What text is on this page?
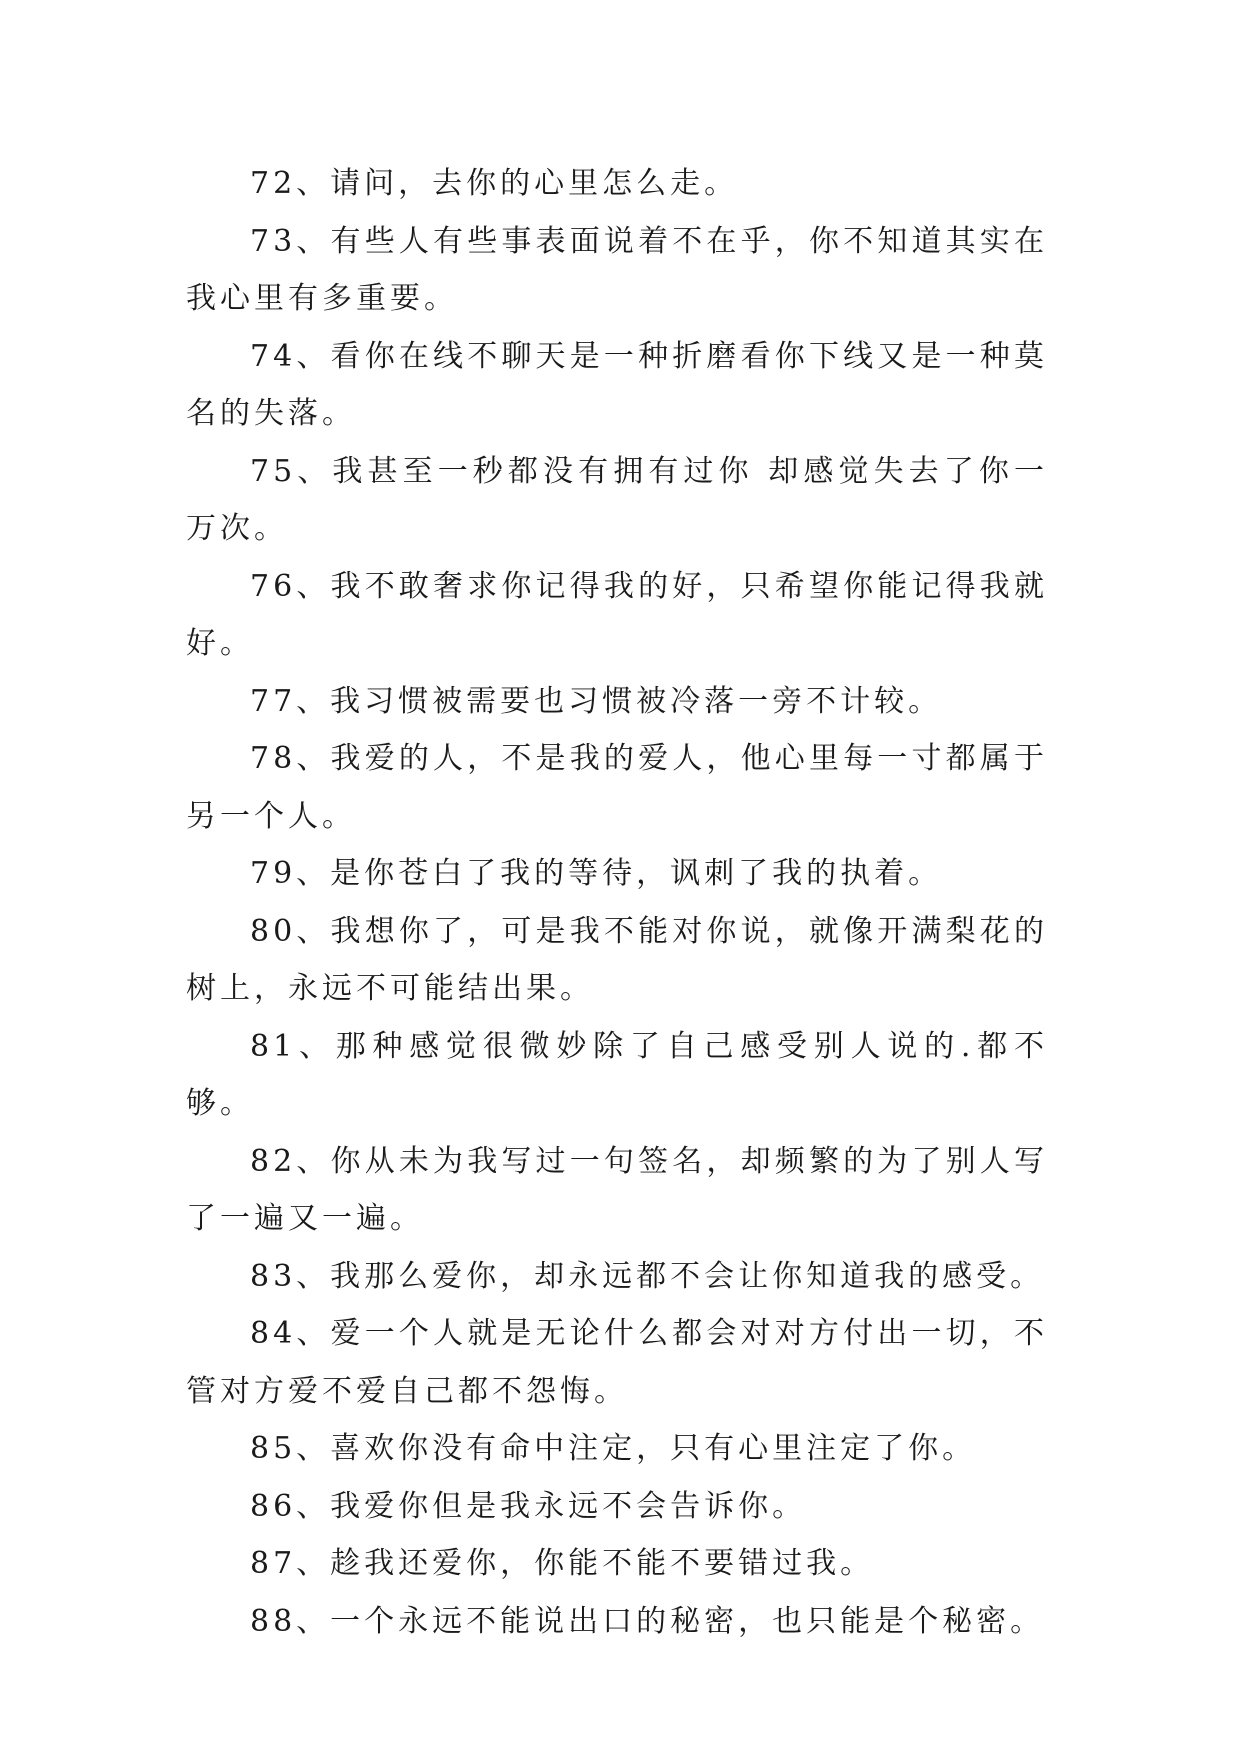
72、请问，去你的心里怎么走。

73、有些人有些事表面说着不在乎，你不知道其实在我心里有多重要。

74、看你在线不聊天是一种折磨看你下线又是一种莫名的失落。

75、我甚至一秒都没有拥有过你 却感觉失去了你一万次。

76、我不敢奢求你记得我的好，只希望你能记得我就好。

77、我习惯被需要也习惯被冷落一旁不计较。

78、我爱的人，不是我的爱人，他心里每一寸都属于另一个人。

79、是你苍白了我的等待，讽刺了我的执着。

80、我想你了，可是我不能对你说，就像开满梨花的树上，永远不可能结出果。

81、那种感觉很微妙除了自己感受别人说的.都不够。

82、你从未为我写过一句签名，却频繁的为了别人写了一遍又一遍。

83、我那么爱你，却永远都不会让你知道我的感受。

84、爱一个人就是无论什么都会对对方付出一切，不管对方爱不爱自己都不怨悔。

85、喜欢你没有命中注定，只有心里注定了你。

86、我爱你但是我永远不会告诉你。

87、趁我还爱你，你能不能不要错过我。

88、一个永远不能说出口的秘密，也只能是个秘密。
